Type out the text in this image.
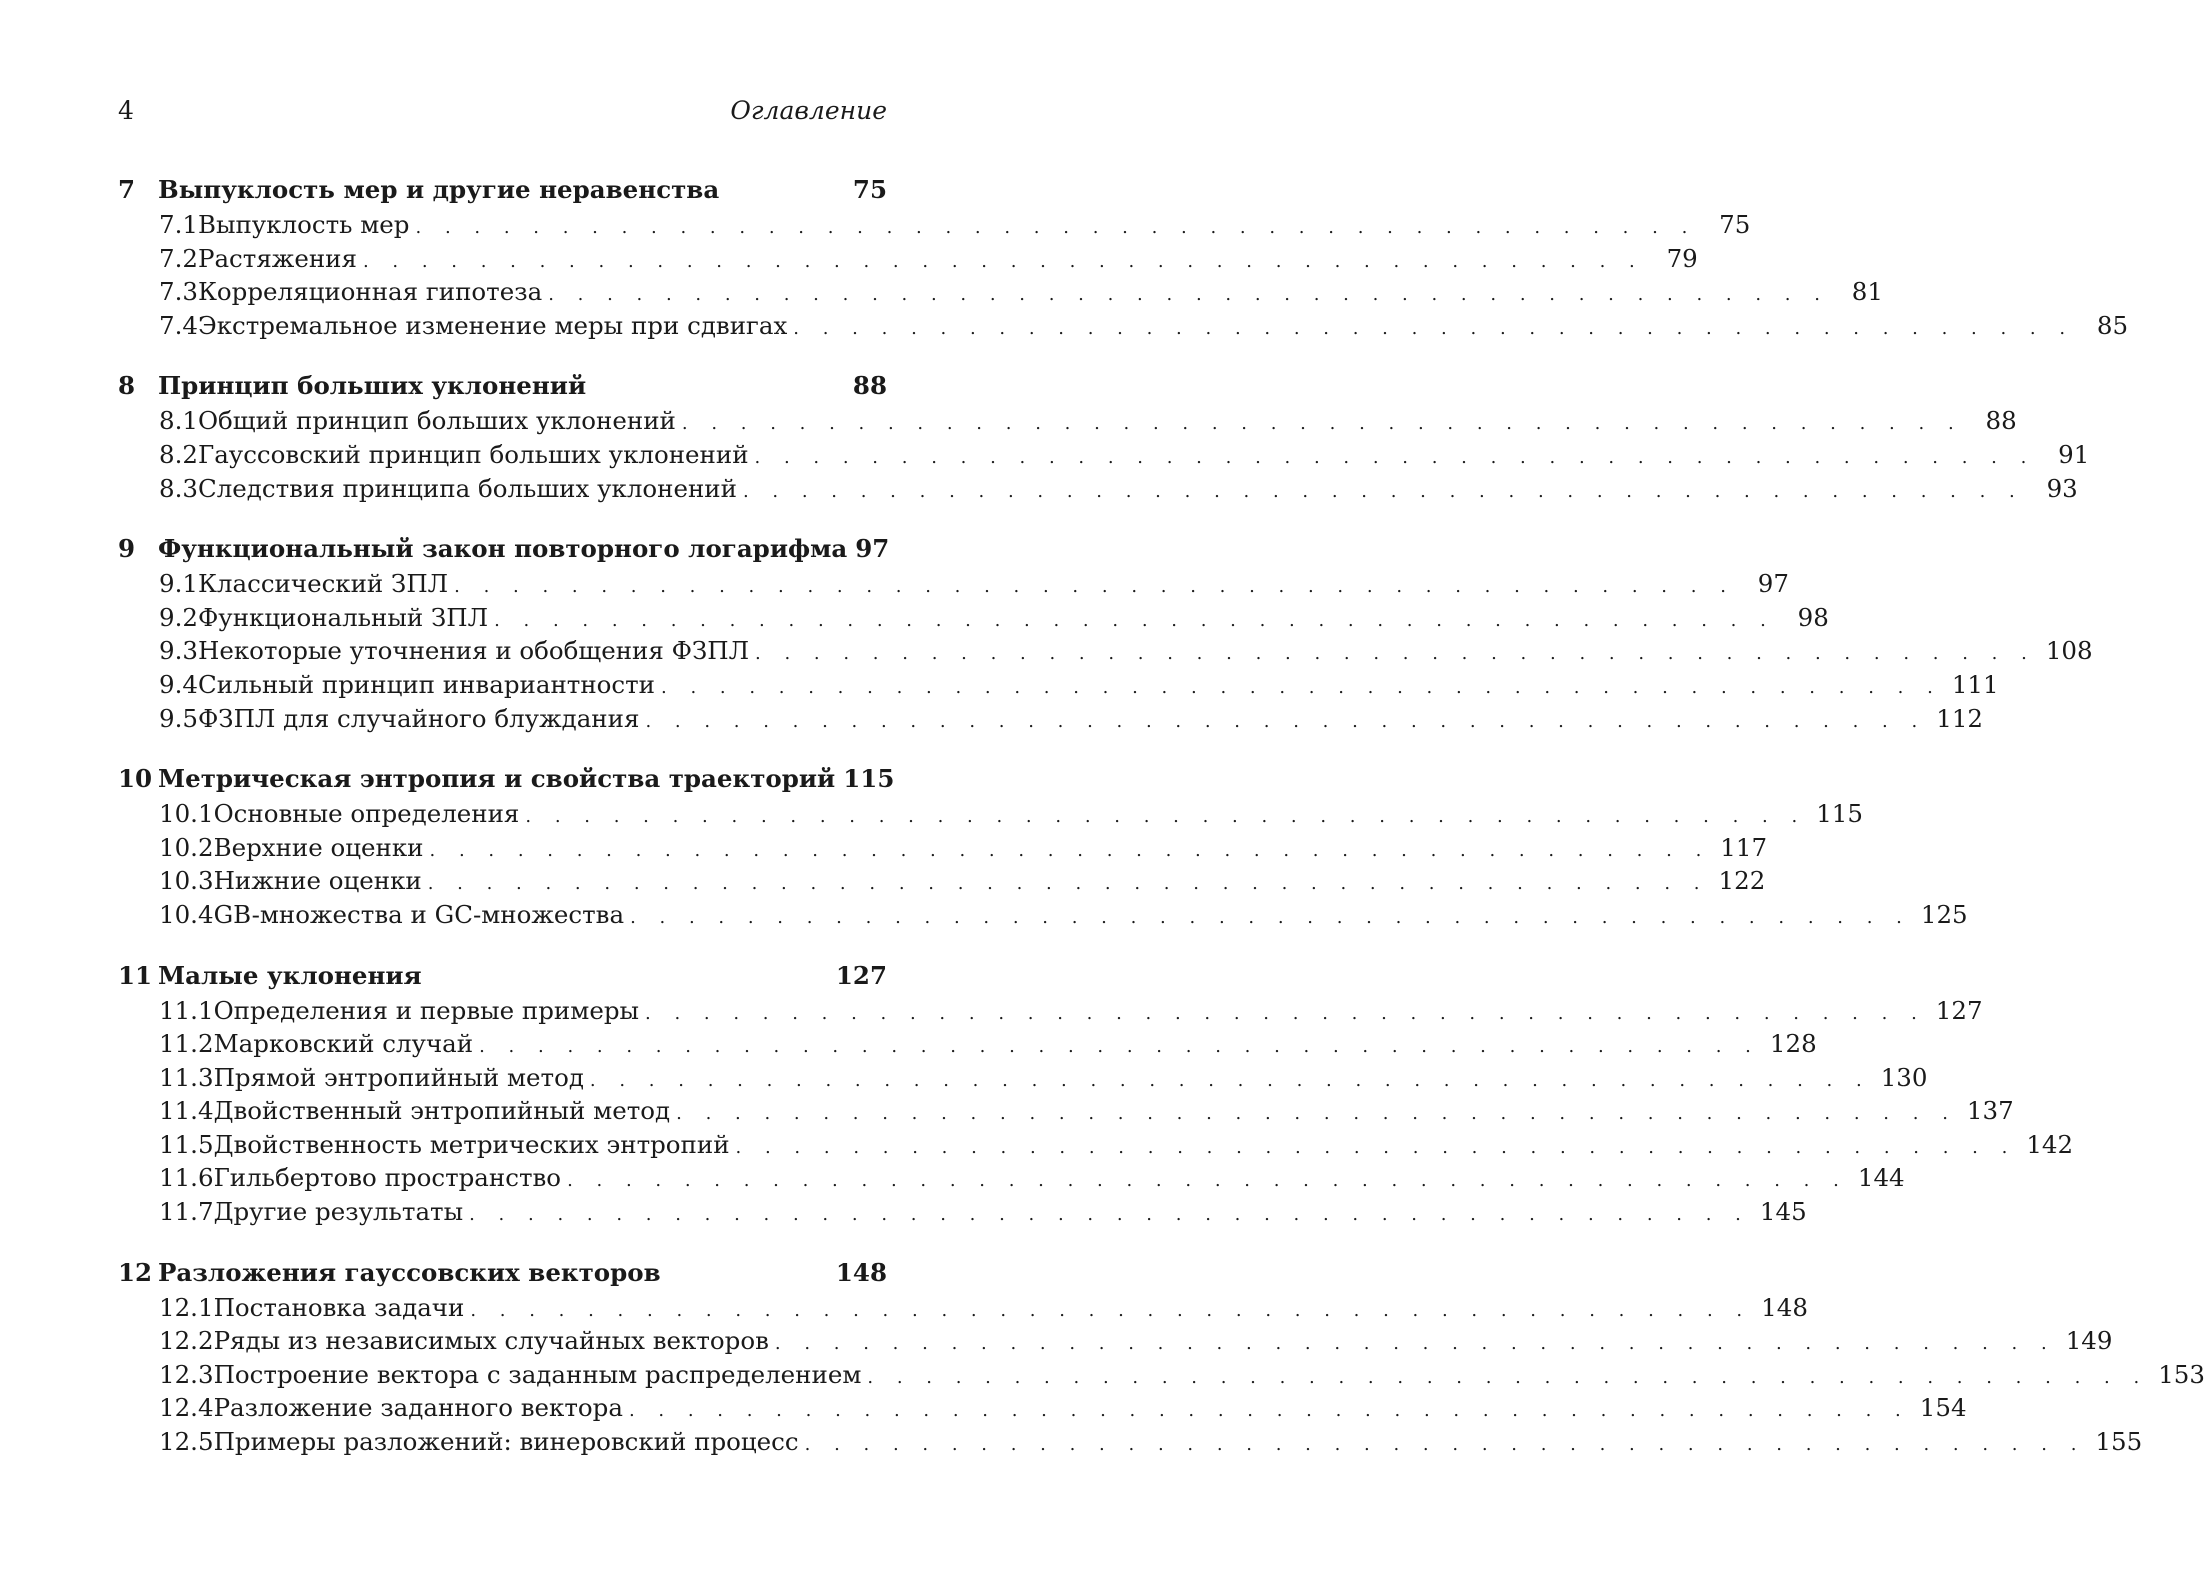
4	Оглавление
7 Выпуклость мер и другие неравенства	75
7.1 Выпуклость мер . . .	75
7.2 Растяжения . . .	79
7.3 Корреляционная гипотеза . . .	81
7.4 Экстремальное изменение меры при сдвигах . . .	85
8 Принцип больших уклонений	88
8.1 Общий принцип больших уклонений . . .	88
8.2 Гауссовский принцип больших уклонений . . .	91
8.3 Следствия принципа больших уклонений . . .	93
9 Функциональный закон повторного логарифма 97
9.1 Классический ЗПЛ . . .	97
9.2 Функциональный ЗПЛ . . .	98
9.3 Некоторые уточнения и обобщения ФЗПЛ . . .	108
9.4 Сильный принцип инвариантности . . .	111
9.5 ФЗПЛ для случайного блуждания . . .	112
10 Метрическая энтропия и свойства траекторий 115
10.1 Основные определения . . .	115
10.2 Верхние оценки . . .	117
10.3 Нижние оценки . . .	122
10.4 GB-множества и GC-множества . . .	125
11 Малые уклонения	127
11.1 Определения и первые примеры . . .	127
11.2 Марковский случай . . .	128
11.3 Прямой энтропийный метод . . .	130
11.4 Двойственный энтропийный метод . . .	137
11.5 Двойственность метрических энтропий . . .	142
11.6 Гильбертово пространство . . .	144
11.7 Другие результаты . . .	145
12 Разложения гауссовских векторов	148
12.1 Постановка задачи . . .	148
12.2 Ряды из независимых случайных векторов . . .	149
12.3 Построение вектора с заданным распределением . . .	153
12.4 Разложение заданного вектора . . .	154
12.5 Примеры разложений: винеровский процесс . . .	155
